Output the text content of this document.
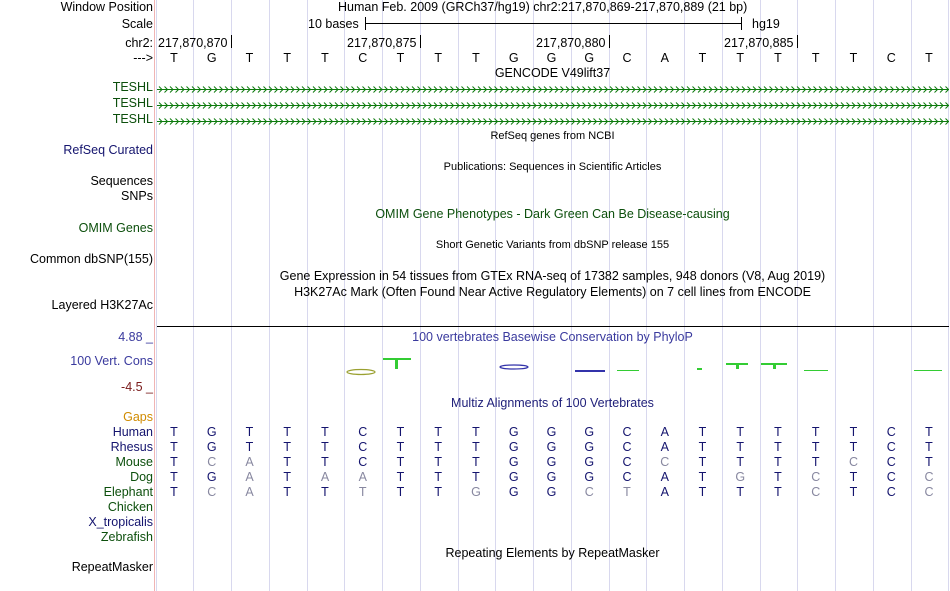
Window Position	Human Feb. 2009 (GRCh37/hg19) chr2:217,870,869-217,870,889 (21 bp)
Scale	10 bases	hg19
chr2: 217,870,870	217,870,875	217,870,880	217,870,885
--->	T	G	T	T	T	C	T	T	T	G	G	G	C	A	T	T	T	T	T	C	T
GENCODE V49lift37
TESHL
TESHL
TESHL
RefSeq genes from NCBI
RefSeq Curated
Publications: Sequences in Scientific Articles
Sequences
SNPs
OMIM Gene Phenotypes - Dark Green Can Be Disease-causing
OMIM Genes
Short Genetic Variants from dbSNP release 155
Common dbSNP(155)
Gene Expression in 54 tissues from GTEx RNA-seq of 17382 samples, 948 donors (V8, Aug 2019)
H3K27Ac Mark (Often Found Near Active Regulatory Elements) on 7 cell lines from ENCODE
Layered H3K27Ac
100 vertebrates Basewise Conservation by PhyloP
4.88 _
100 Vert. Cons
-4.5 _
Multiz Alignments of 100 Vertebrates
Gaps
Human	T	G	T	T	T	C	T	T	T	G	G	G	C	A	T	T	T	T	T	C	T
Rhesus	T	G	T	T	T	C	T	T	T	G	G	G	C	A	T	T	T	T	T	C	T
Mouse	T	C	A	T	T	C	T	T	T	G	G	G	C	C	T	T	T	T	C	C	T
Dog	T	G	A	T	A	A	T	T	T	G	G	G	C	A	T	G	T	C	T	C	C
Elephant	T	C	A	T	T	T	T	T	G	G	G	C	T	A	T	T	T	C	T	C	C
Chicken
X_tropicalis
Zebrafish
Repeating Elements by RepeatMasker
RepeatMasker
